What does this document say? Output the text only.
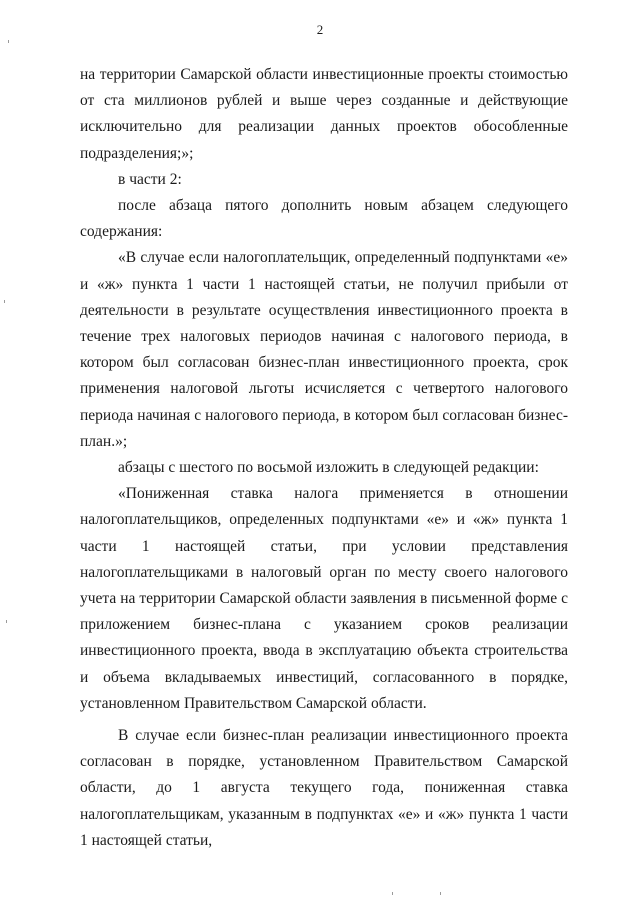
2

на территории Самарской области инвестиционные проекты стоимостью от ста миллионов рублей и выше через созданные и действующие исключительно для реализации данных проектов обособленные подразделения;»;

в части 2:

после абзаца пятого дополнить новым абзацем следующего содержания:

«В случае если налогоплательщик, определенный подпунктами «е» и «ж» пункта 1 части 1 настоящей статьи, не получил прибыли от деятельности в результате осуществления инвестиционного проекта в течение трех налоговых периодов начиная с налогового периода, в котором был согласован бизнес-план инвестиционного проекта, срок применения налоговой льготы исчисляется с четвертого налогового периода начиная с налогового периода, в котором был согласован бизнес-план.»;

абзацы с шестого по восьмой изложить в следующей редакции:

«Пониженная ставка налога применяется в отношении налогоплательщиков, определенных подпунктами «е» и «ж» пункта 1 части 1 настоящей статьи, при условии представления налогоплательщиками в налоговый орган по месту своего налогового учета на территории Самарской области заявления в письменной форме с приложением бизнес-плана с указанием сроков реализации инвестиционного проекта, ввода в эксплуатацию объекта строительства и объема вкладываемых инвестиций, согласованного в порядке, установленном Правительством Самарской области.

В случае если бизнес-план реализации инвестиционного проекта согласован в порядке, установленном Правительством Самарской области, до 1 августа текущего года, пониженная ставка налогоплательщикам, указанным в подпунктах «е» и «ж» пункта 1 части 1 настоящей статьи,
